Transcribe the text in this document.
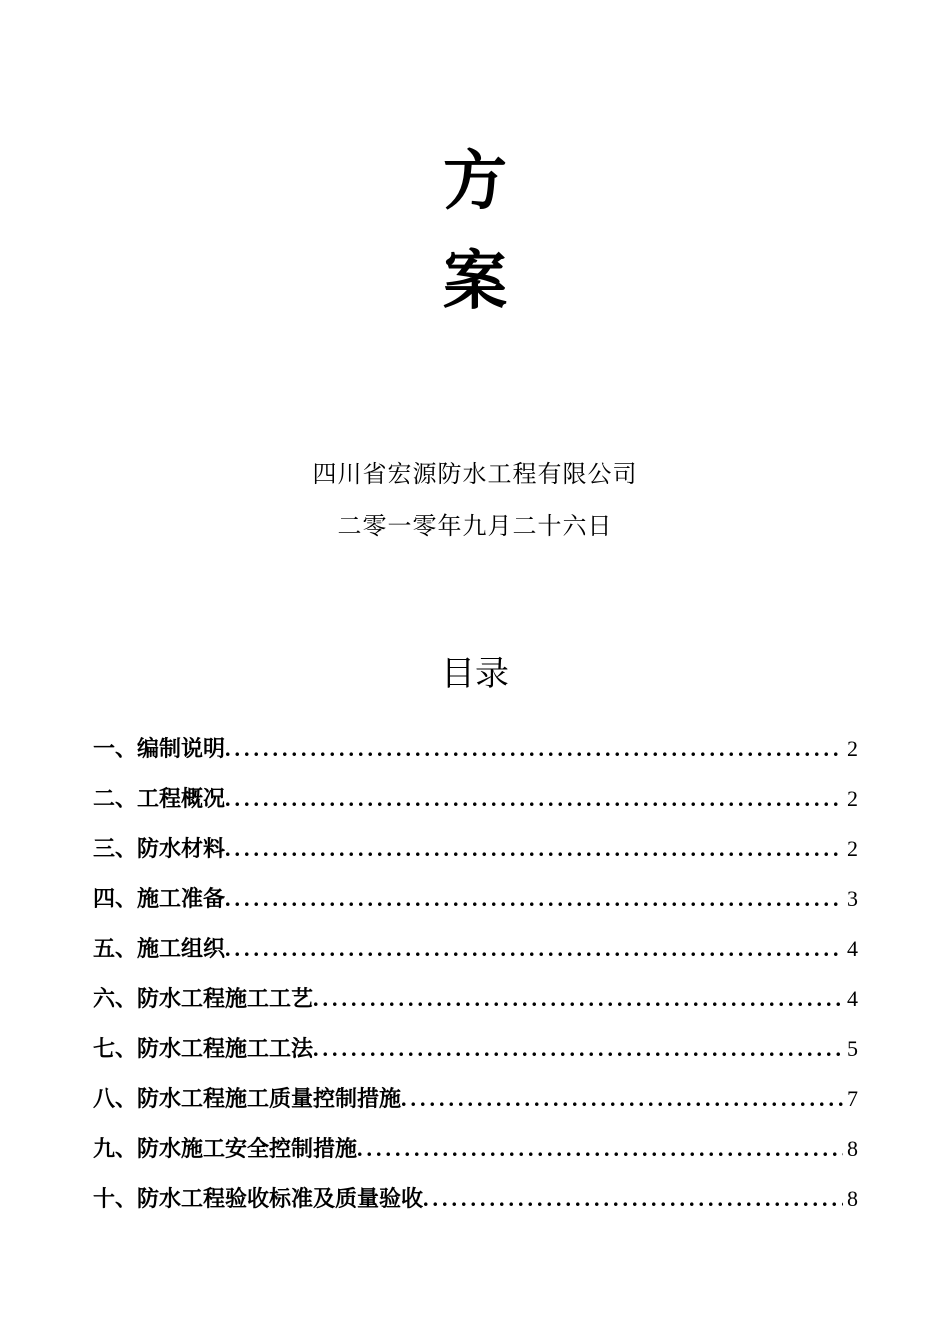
方
案
四川省宏源防水工程有限公司
二零一零年九月二十六日
目录
一、编制说明 .....	2
二、工程概况 .....	2
三、防水材料 .....	2
四、施工准备 .....	3
五、施工组织 .....	4
六、防水工程施工工艺 .....	4
七、防水工程施工工法 .....	5
八、防水工程施工质量控制措施 .....	7
九、防水施工安全控制措施 .....	8
十、防水工程验收标准及质量验收 .....	8
